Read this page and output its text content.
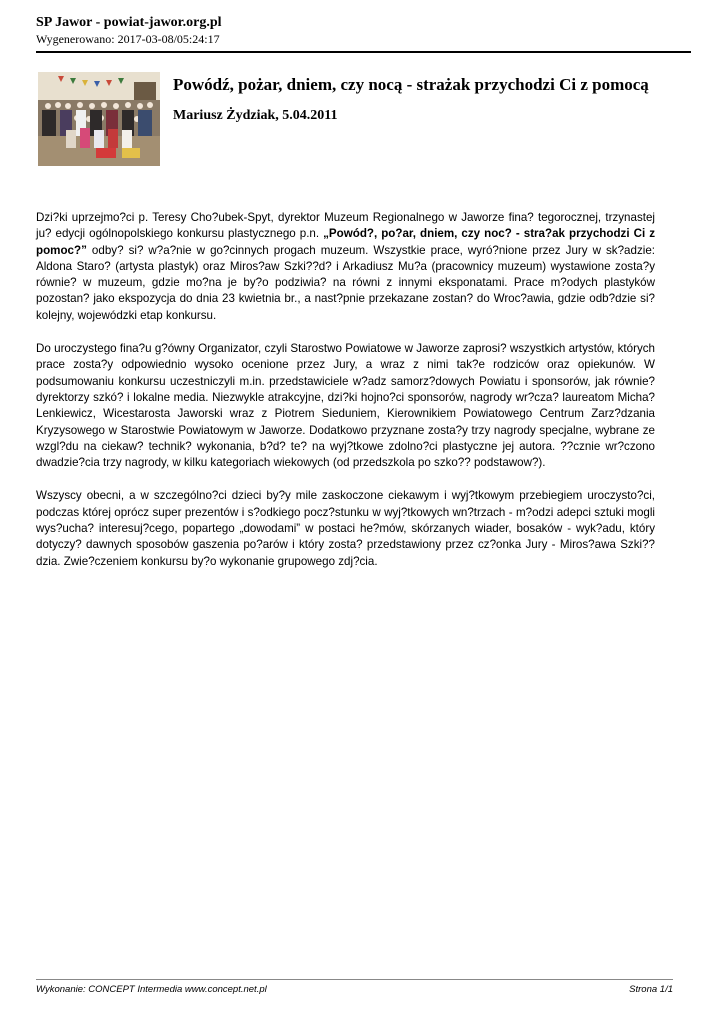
SP Jawor - powiat-jawor.org.pl
Wygenerowano: 2017-03-08/05:24:17
Powódź, pożar, dniem, czy nocą - strażak przychodzi Ci z pomocą
Mariusz Żydziak, 5.04.2011

Dzi?ki uprzejmo?ci p. Teresy Cho?ubek-Spyt, dyrektor Muzeum Regionalnego w Jaworze fina? tegorocznej, trzynastej ju? edycji ogólnopolskiego konkursu plastycznego p.n. „Powód?, po?ar, dniem, czy noc? - stra?ak przychodzi Ci z pomoc?” odby? si? w?a?nie w go?cinnych progach muzeum. Wszystkie prace, wyró?nione przez Jury w sk?adzie: Aldona Staro? (artysta plastyk) oraz Miros?aw Szki??d? i Arkadiusz Mu?a (pracownicy muzeum) wystawione zosta?y równie? w muzeum, gdzie mo?na je by?o podziwia? na równi z innymi eksponatami. Prace m?odych plastyków pozostan? jako ekspozycja do dnia 23 kwietnia br., a nast?pnie przekazane zostan? do Wroc?awia, gdzie odb?dzie si? kolejny, wojewódzki etap konkursu.

Do uroczystego fina?u g?ówny Organizator, czyli Starostwo Powiatowe w Jaworze zaprosi? wszystkich artystów, których prace zosta?y odpowiednio wysoko ocenione przez Jury, a wraz z nimi tak?e rodziców oraz opiekunów. W podsumowaniu konkursu uczestniczyli m.in. przedstawiciele w?adz samorz?dowych Powiatu i sponsorów, jak równie? dyrektorzy szkó? i lokalne media. Niezwykle atrakcyjne, dzi?ki hojno?ci sponsorów, nagrody wr?cza? laureatom Micha? Lenkiewicz, Wicestarosta Jaworski wraz z Piotrem Sieduniem, Kierownikiem Powiatowego Centrum Zarz?dzania Kryzysowego w Starostwie Powiatowym w Jaworze. Dodatkowo przyznane zosta?y trzy nagrody specjalne, wybrane ze wzgl?du na ciekaw? technik? wykonania, b?d? te? na wyj?tkowe zdolno?ci plastyczne jej autora. ??cznie wr?czono dwadzie?cia trzy nagrody, w kilku kategoriach wiekowych (od przedszkola po szko?? podstawow?).

Wszyscy obecni, a w szczególno?ci dzieci by?y mile zaskoczone ciekawym i wyj?tkowym przebiegiem uroczysto?ci, podczas której oprócz super prezentów i s?odkiego pocz?stunku w wyj?tkowych wn?trzach - m?odzi adepci sztuki mogli wys?ucha? interesuj?cego, popartego „dowodami” w postaci he?mów, skórzanych wiader, bosaków - wyk?adu, który dotyczy? dawnych sposobów gaszenia po?arów i który zosta? przedstawiony przez cz?onka Jury - Miros?awa Szki??dzia. Zwie?czeniem konkursu by?o wykonanie grupowego zdj?cia.

Wykonanie: CONCEPT Intermedia www.concept.net.pl	Strona 1/1
